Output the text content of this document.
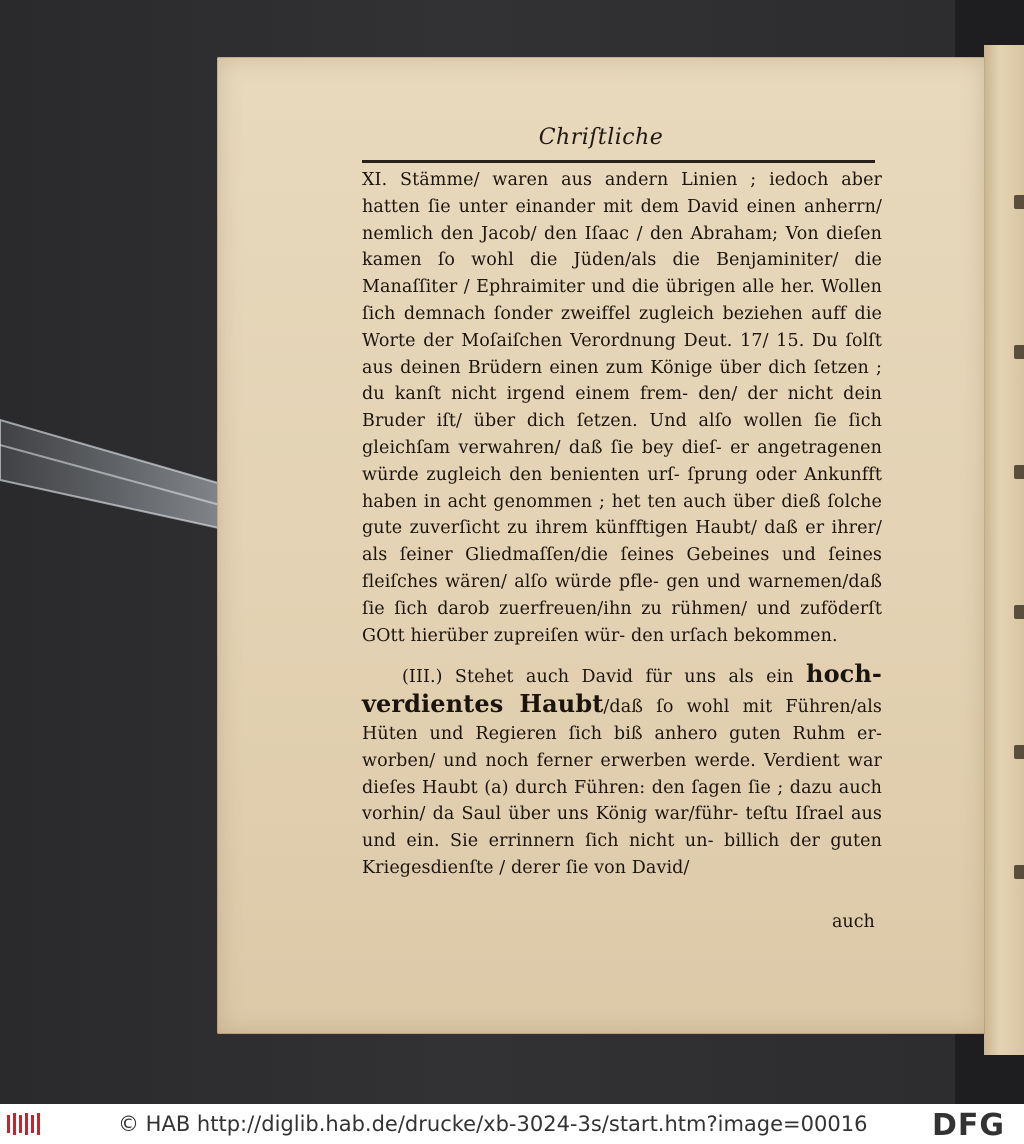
Chriſtliche

XI. Stämme/ waren aus andern Linien ; iedoch aber hatten ſie unter einander mit dem David einen anherrn/ nemlich den Jacob/ den Iſaac / den Abraham; Von dieſen kamen ſo wohl die Jüden/als die Benjaminiter/ die Manaſſiter / Ephraimiter und die übrigen alle her. Wollen ſich demnach ſonder zweiffel zugleich beziehen auff die Worte der Moſaiſchen Verordnung Deut. 17/ 15. Du ſolſt aus deinen Brüdern einen zum Könige über dich ſetzen ; du kanſt nicht irgend einem frem- den/ der nicht dein Bruder iſt/ über dich ſetzen. Und alſo wollen ſie ſich gleichſam verwahren/ daß ſie bey dieſ- er angetragenen würde zugleich den benienten urſ- ſprung oder Ankunfft haben in acht genommen ; het ten auch über dieß ſolche gute zuverſicht zu ihrem künfftigen Haubt/ daß er ihrer/ als ſeiner Gliedmaſſen/die ſeines Gebeines und ſeines fleiſches wären/ alſo würde pfle- gen und warnemen/daß ſie ſich darob zuerfreuen/ihn zu rühmen/ und zuföderſt GOtt hierüber zupreiſen wür- den urſach bekommen.

(III.) Stehet auch David für uns als ein hoch- verdientes Haubt/daß ſo wohl mit Führen/als Hüten und Regieren ſich biß anhero guten Ruhm er- worben/ und noch ferner erwerben werde. Verdient war dieſes Haubt (a) durch Führen: den ſagen ſie ; dazu auch vorhin/ da Saul über uns König war/führ- teſtu Iſrael aus und ein. Sie errinnern ſich nicht un- billich der guten Kriegesdienſte / derer ſie von David/

auch
© HAB http://diglib.hab.de/drucke/xb-3024-3s/start.htm?image=00016 DFG
